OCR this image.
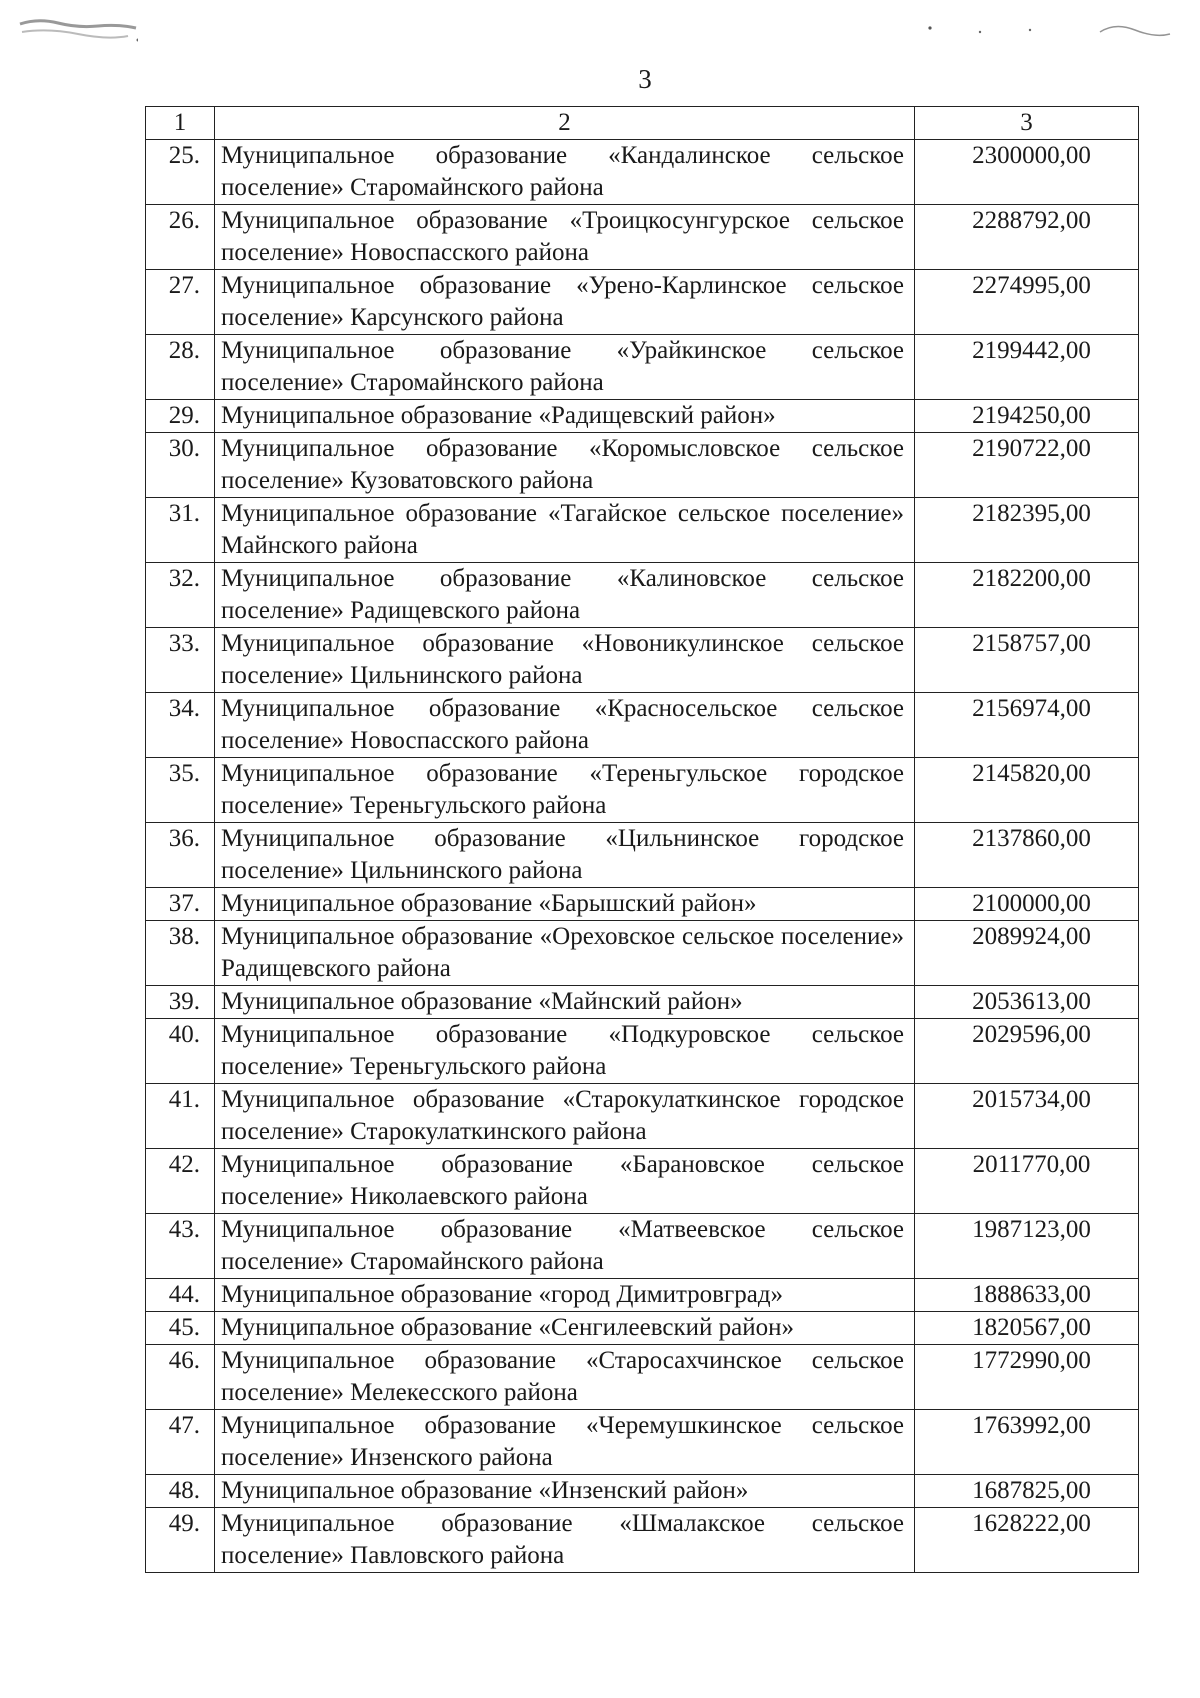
3
1	2	3
25.	Муниципальное образование «Кандалинское сельское поселение» Старомайнского района	2300000,00
26.	Муниципальное образование «Троицкосунгурское сельское поселение» Новоспасского района	2288792,00
27.	Муниципальное образование «Урено-Карлинское сельское поселение» Карсунского района	2274995,00
28.	Муниципальное образование «Урайкинское сельское поселение» Старомайнского района	2199442,00
29.	Муниципальное образование «Радищевский район»	2194250,00
30.	Муниципальное образование «Коромысловское сельское поселение» Кузоватовского района	2190722,00
31.	Муниципальное образование «Тагайское сельское поселение» Майнского района	2182395,00
32.	Муниципальное образование «Калиновское сельское поселение» Радищевского района	2182200,00
33.	Муниципальное образование «Новоникулинское сельское поселение» Цильнинского района	2158757,00
34.	Муниципальное образование «Красносельское сельское поселение» Новоспасского района	2156974,00
35.	Муниципальное образование «Тереньгульское городское поселение» Тереньгульского района	2145820,00
36.	Муниципальное образование «Цильнинское городское поселение» Цильнинского района	2137860,00
37.	Муниципальное образование «Барышский район»	2100000,00
38.	Муниципальное образование «Ореховское сельское поселение» Радищевского района	2089924,00
39.	Муниципальное образование «Майнский район»	2053613,00
40.	Муниципальное образование «Подкуровское сельское поселение» Тереньгульского района	2029596,00
41.	Муниципальное образование «Старокулаткинское городское поселение» Старокулаткинского района	2015734,00
42.	Муниципальное образование «Барановское сельское поселение» Николаевского района	2011770,00
43.	Муниципальное образование «Матвеевское сельское поселение» Старомайнского района	1987123,00
44.	Муниципальное образование «город Димитровград»	1888633,00
45.	Муниципальное образование «Сенгилеевский район»	1820567,00
46.	Муниципальное образование «Старосахчинское сельское поселение» Мелекесского района	1772990,00
47.	Муниципальное образование «Черемушкинское сельское поселение» Инзенского района	1763992,00
48.	Муниципальное образование «Инзенский район»	1687825,00
49.	Муниципальное образование «Шмалакское сельское поселение» Павловского района	1628222,00
